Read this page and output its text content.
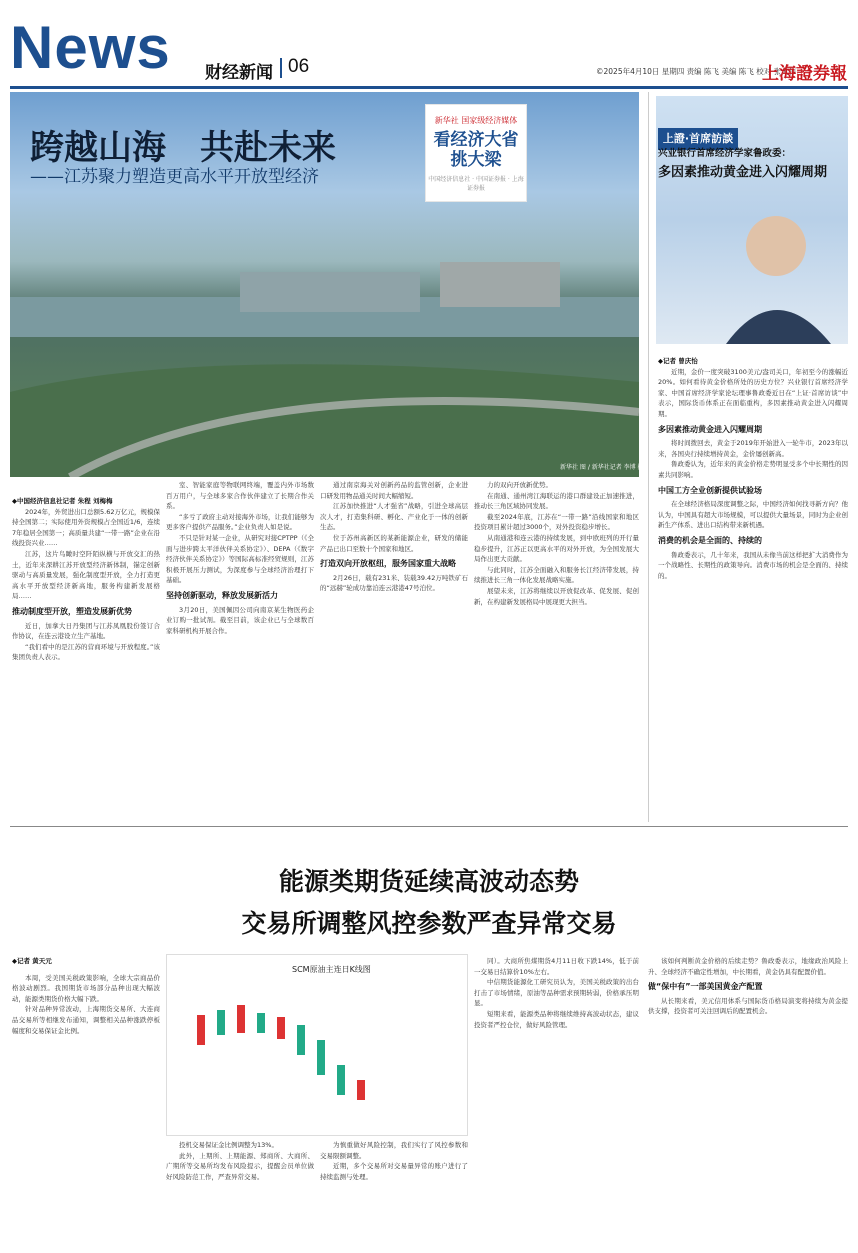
News 财经新闻 06	©2025年4月10日 星期四 责编 陈飞 美编 陈飞 校对 张大伟
上海證券報
跨越山海　共赴未来
——江苏聚力塑造更高水平开放型经济
新华社 国家级经济媒体
看经济大省 挑大梁
中国经济信息社 · 中国证券报 · 上海证券报
新华社 图 / 新华社记者 李博 摄
◆中国经济信息社记者 朱程 刘梅梅

2024年，外贸进出口总额5.62万亿元，规模保持全国第二；实际使用外资规模占全国近1/6，连续7年稳居全国第一；高质量共建“一带一路”企业在沿线投资兴业……

江苏，这片鸟瞰时空阡陌纵横与开放交汇的热土，近年来深耕江苏开放型经济新体制，锚定创新驱动与高质量发展，强化制度型开放，全力打造更高水平开放型经济新高地，服务构建新发展格局……

推动制度型开放，塑造发展新优势

近日，加拿大日丹集团与江苏凤凰股份签订合作协议，在连云港设立生产基地。

“我们看中的是江苏的营商环境与开放程度。”该集团负责人表示。

室、智能家庭等物联网终端，覆盖内外市场数百万用户，与全球多家合作伙伴建立了长期合作关系。

“多亏了政府主动对接海外市场，让我们能够为更多客户提供产品服务。”企业负责人如是说。

不只是针对某一企业，从研究对接CPTPP（《全面与进步跨太平洋伙伴关系协定》）、DEPA（《数字经济伙伴关系协定》）等国际高标准经贸规则，江苏积极开展压力测试，为深度参与全球经济治理打下基础。

坚持创新驱动，释放发展新活力

3月20日，美国佩因公司向南京某生物医药企业订购一批试剂。截至目前，该企业已与全球数百家科研机构开展合作。

通过南京海关对创新药品的监管创新，企业进口研发用物品通关时间大幅缩短。

江苏加快推进“人才强省”战略，引进全球高层次人才，打造集科研、孵化、产业化于一体的创新生态。

位于苏州高新区的某新能源企业，研发的储能产品已出口至数十个国家和地区。

打造双向开放枢纽，服务国家重大战略

2月26日，载有231米、装载39.42万吨铁矿石的“远赫”轮成功靠泊连云港港47号泊位。

力的双向开放新优势。

在南通、通州湾江海联运的港口群建设正加速推进，推动长三角区域协同发展。

截至2024年底，江苏在“一带一路”沿线国家和地区投资项目累计超过3000个，对外投资稳步增长。

从南通港和连云港的持续发展，到中欧班列的开行量稳步提升，江苏正以更高水平的对外开放，为全国发展大局作出更大贡献。

与此同时，江苏全面融入和服务长江经济带发展，持续推进长三角一体化发展战略实施。

展望未来，江苏将继续以开放促改革、促发展、促创新，在构建新发展格局中展现更大担当。

上證·首席訪談
兴业银行首席经济学家鲁政委：
多因素推动黄金进入闪耀周期
◆记者 曾庆怡

近期，金价一度突破3100美元/盎司关口，年初至今的涨幅近20%。如何看待黄金价格所处的历史方位？兴业银行首席经济学家、中国首席经济学家论坛理事鲁政委近日在“上证·首席访谈”中表示，国际货币体系正在面临重构，多因素推动黄金进入闪耀周期。

多因素推动黄金进入闪耀周期

将时间拨回去，黄金于2019年开始进入一轮牛市，2023年以来，各国央行持续增持黄金，金价屡创新高。

鲁政委认为，近年来的黄金价格走势明显受多个中长期性的因素共同影响。

中国工方全业创新提供试验场

在全球经济格局深度调整之际，中国经济如何找寻新方向？他认为，中国具有超大市场规模，可以提供大量场景，同时为企业创新生产体系、进出口结构带来新机遇。

消费的机会是全面的、持续的

鲁政委表示，几十年来，我国从未像当前这样把扩大消费作为一个战略性、长期性的政策导向。消费市场的机会是全面的、持续的。

能源类期货延续高波动态势
交易所调整风控参数严查异常交易
◆记者 黄天元

本周，受美国关税政策影响，全球大宗商品价格波动剧烈。我国期货市场部分品种出现大幅波动，能源类期货价格大幅下跌。

针对品种异常波动，上海期货交易所、大连商品交易所等相继发布通知，调整相关品种涨跌停板幅度和交易保证金比例。

SCM原油主连日K线图

投机交易保证金比例调整为13%。

此外，上期所、上期能源、郑商所、大商所、广期所等交易所均发布风险提示，提醒会员单位做好风险防范工作，严查异常交易。

为慎重做好风险控制，我们实行了风控参数和交易限额调整。

近期，多个交易所对交易量异常的账户进行了持续监测与处理。

同）。大商所焦煤期货4月11日收下跌14%，低于前一交易日结算价10%左右。

中信期货能源化工研究员认为，美国关税政策的出台打击了市场情绪，原油等品种需求预期转弱，价格承压明显。

短期来看，能源类品种将继续维持高波动状态，建议投资者严控仓位，做好风险管理。

该如何判断黄金价格的后续走势？鲁政委表示，地缘政治风险上升、全球经济不确定性增加，中长期看，黄金仍具有配置价值。

做“保中有”一部美国黄金产配置

从长期来看，美元信用体系与国际货币格局演变将持续为黄金提供支撑，投资者可关注回调后的配置机会。
